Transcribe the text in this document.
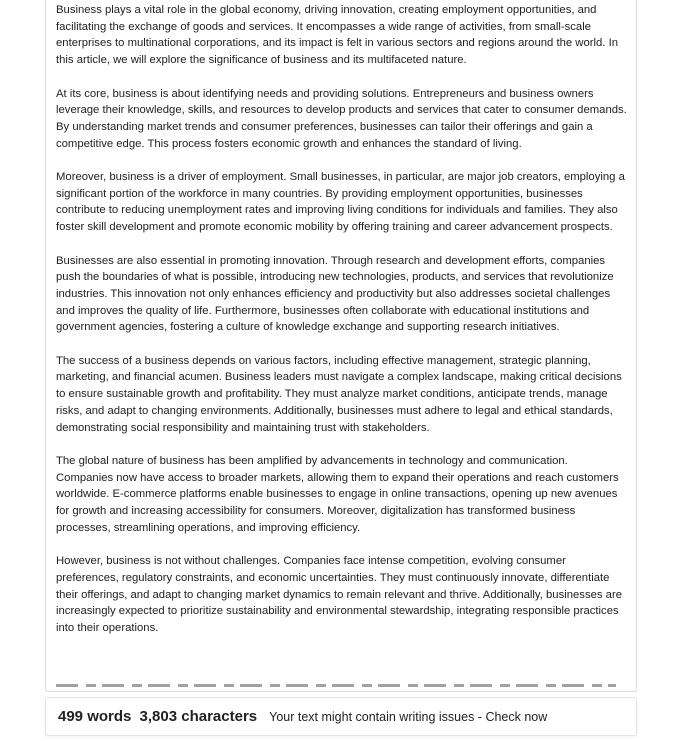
Business plays a vital role in the global economy, driving innovation, creating employment opportunities, and facilitating the exchange of goods and services. It encompasses a wide range of activities, from small-scale enterprises to multinational corporations, and its impact is felt in various sectors and regions around the world. In this article, we will explore the significance of business and its multifaceted nature.

At its core, business is about identifying needs and providing solutions. Entrepreneurs and business owners leverage their knowledge, skills, and resources to develop products and services that cater to consumer demands. By understanding market trends and consumer preferences, businesses can tailor their offerings and gain a competitive edge. This process fosters economic growth and enhances the standard of living.

Moreover, business is a driver of employment. Small businesses, in particular, are major job creators, employing a significant portion of the workforce in many countries. By providing employment opportunities, businesses contribute to reducing unemployment rates and improving living conditions for individuals and families. They also foster skill development and promote economic mobility by offering training and career advancement prospects.

Businesses are also essential in promoting innovation. Through research and development efforts, companies push the boundaries of what is possible, introducing new technologies, products, and services that revolutionize industries. This innovation not only enhances efficiency and productivity but also addresses societal challenges and improves the quality of life. Furthermore, businesses often collaborate with educational institutions and government agencies, fostering a culture of knowledge exchange and supporting research initiatives.

The success of a business depends on various factors, including effective management, strategic planning, marketing, and financial acumen. Business leaders must navigate a complex landscape, making critical decisions to ensure sustainable growth and profitability. They must analyze market conditions, anticipate trends, manage risks, and adapt to changing environments. Additionally, businesses must adhere to legal and ethical standards, demonstrating social responsibility and maintaining trust with stakeholders.

The global nature of business has been amplified by advancements in technology and communication. Companies now have access to broader markets, allowing them to expand their operations and reach customers worldwide. E-commerce platforms enable businesses to engage in online transactions, opening up new avenues for growth and increasing accessibility for consumers. Moreover, digitalization has transformed business processes, streamlining operations, and improving efficiency.

However, business is not without challenges. Companies face intense competition, evolving consumer preferences, regulatory constraints, and economic uncertainties. They must continuously innovate, differentiate their offerings, and adapt to changing market dynamics to remain relevant and thrive. Additionally, businesses are increasingly expected to prioritize sustainability and environmental stewardship, integrating responsible practices into their operations.

499 words 3,803 characters Your text might contain writing issues - Check now
